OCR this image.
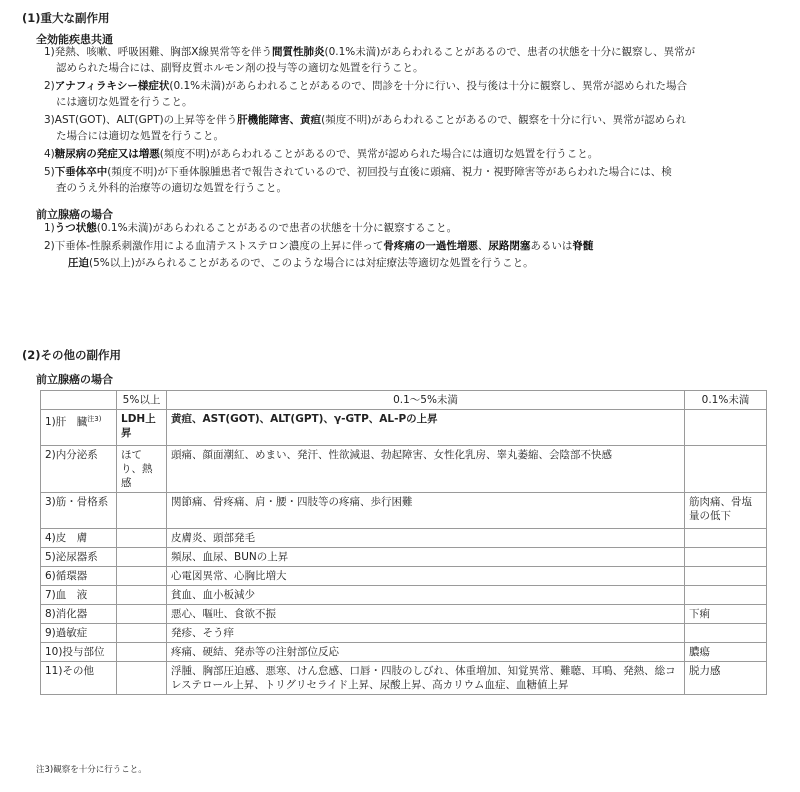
(1)重大な副作用
全効能疾患共通
1)発熱、咳嗽、呼吸困難、胸部X線異常等を伴う間質性肺炎(0.1%未満)があらわれることがあるので、患者の状態を十分に観察し、異常が
認められた場合には、副腎皮質ホルモン剤の投与等の適切な処置を行うこと。
2)アナフィラキシー様症状(0.1%未満)があらわれることがあるので、問診を十分に行い、投与後は十分に観察し、異常が認められた場合
には適切な処置を行うこと。
3)AST(GOT)、ALT(GPT)の上昇等を伴う肝機能障害、黄疸(頻度不明)があらわれることがあるので、観察を十分に行い、異常が認められ
た場合には適切な処置を行うこと。
4)糖尿病の発症又は増悪(頻度不明)があらわれることがあるので、異常が認められた場合には適切な処置を行うこと。
5)下垂体卒中(頻度不明)が下垂体腺腫患者で報告されているので、初回投与直後に頭痛、視力・視野障害等があらわれた場合には、検
査のうえ外科的治療等の適切な処置を行うこと。
前立腺癌の場合
1)うつ状態(0.1%未満)があらわれることがあるので患者の状態を十分に観察すること。
2)下垂体-性腺系刺激作用による血清テストステロン濃度の上昇に伴って骨疼痛の一過性増悪、尿路閉塞あるいは脊髄
圧迫(5%以上)がみられることがあるので、このような場合には対症療法等適切な処置を行うこと。
(2)その他の副作用
前立腺癌の場合
	5%以上	0.1〜5%未満	0.1%未満
1)肝　臓$^{注3)}$	LDH上昇	黄疸、AST(GOT)、ALT(GPT)、γ-GTP、AL-Pの上昇	
2)内分泌系	ほてり、熱感	頭痛、顔面潮紅、めまい、発汗、性欲減退、勃起障害、女性化乳房、睾丸萎縮、会陰部不快感	
3)筋・骨格系		関節痛、骨疼痛、肩・腰・四肢等の疼痛、歩行困難	筋肉痛、骨塩量の低下
4)皮　膚		皮膚炎、頭部発毛	
5)泌尿器系		頻尿、血尿、BUNの上昇	
6)循環器		心電図異常、心胸比増大	
7)血　液		貧血、血小板減少	
8)消化器		悪心、嘔吐、食欲不振	下痢
9)過敏症		発疹、そう痒	
10)投与部位		疼痛、硬結、発赤等の注射部位反応	膿瘍
11)その他		浮腫、胸部圧迫感、悪寒、けん怠感、口唇・四肢のしびれ、体重増加、知覚異常、難聴、耳鳴、発熱、総コレステロール上昇、トリグリセライド上昇、尿酸上昇、高カリウム血症、血糖値上昇	脱力感
注3)観察を十分に行うこと。
